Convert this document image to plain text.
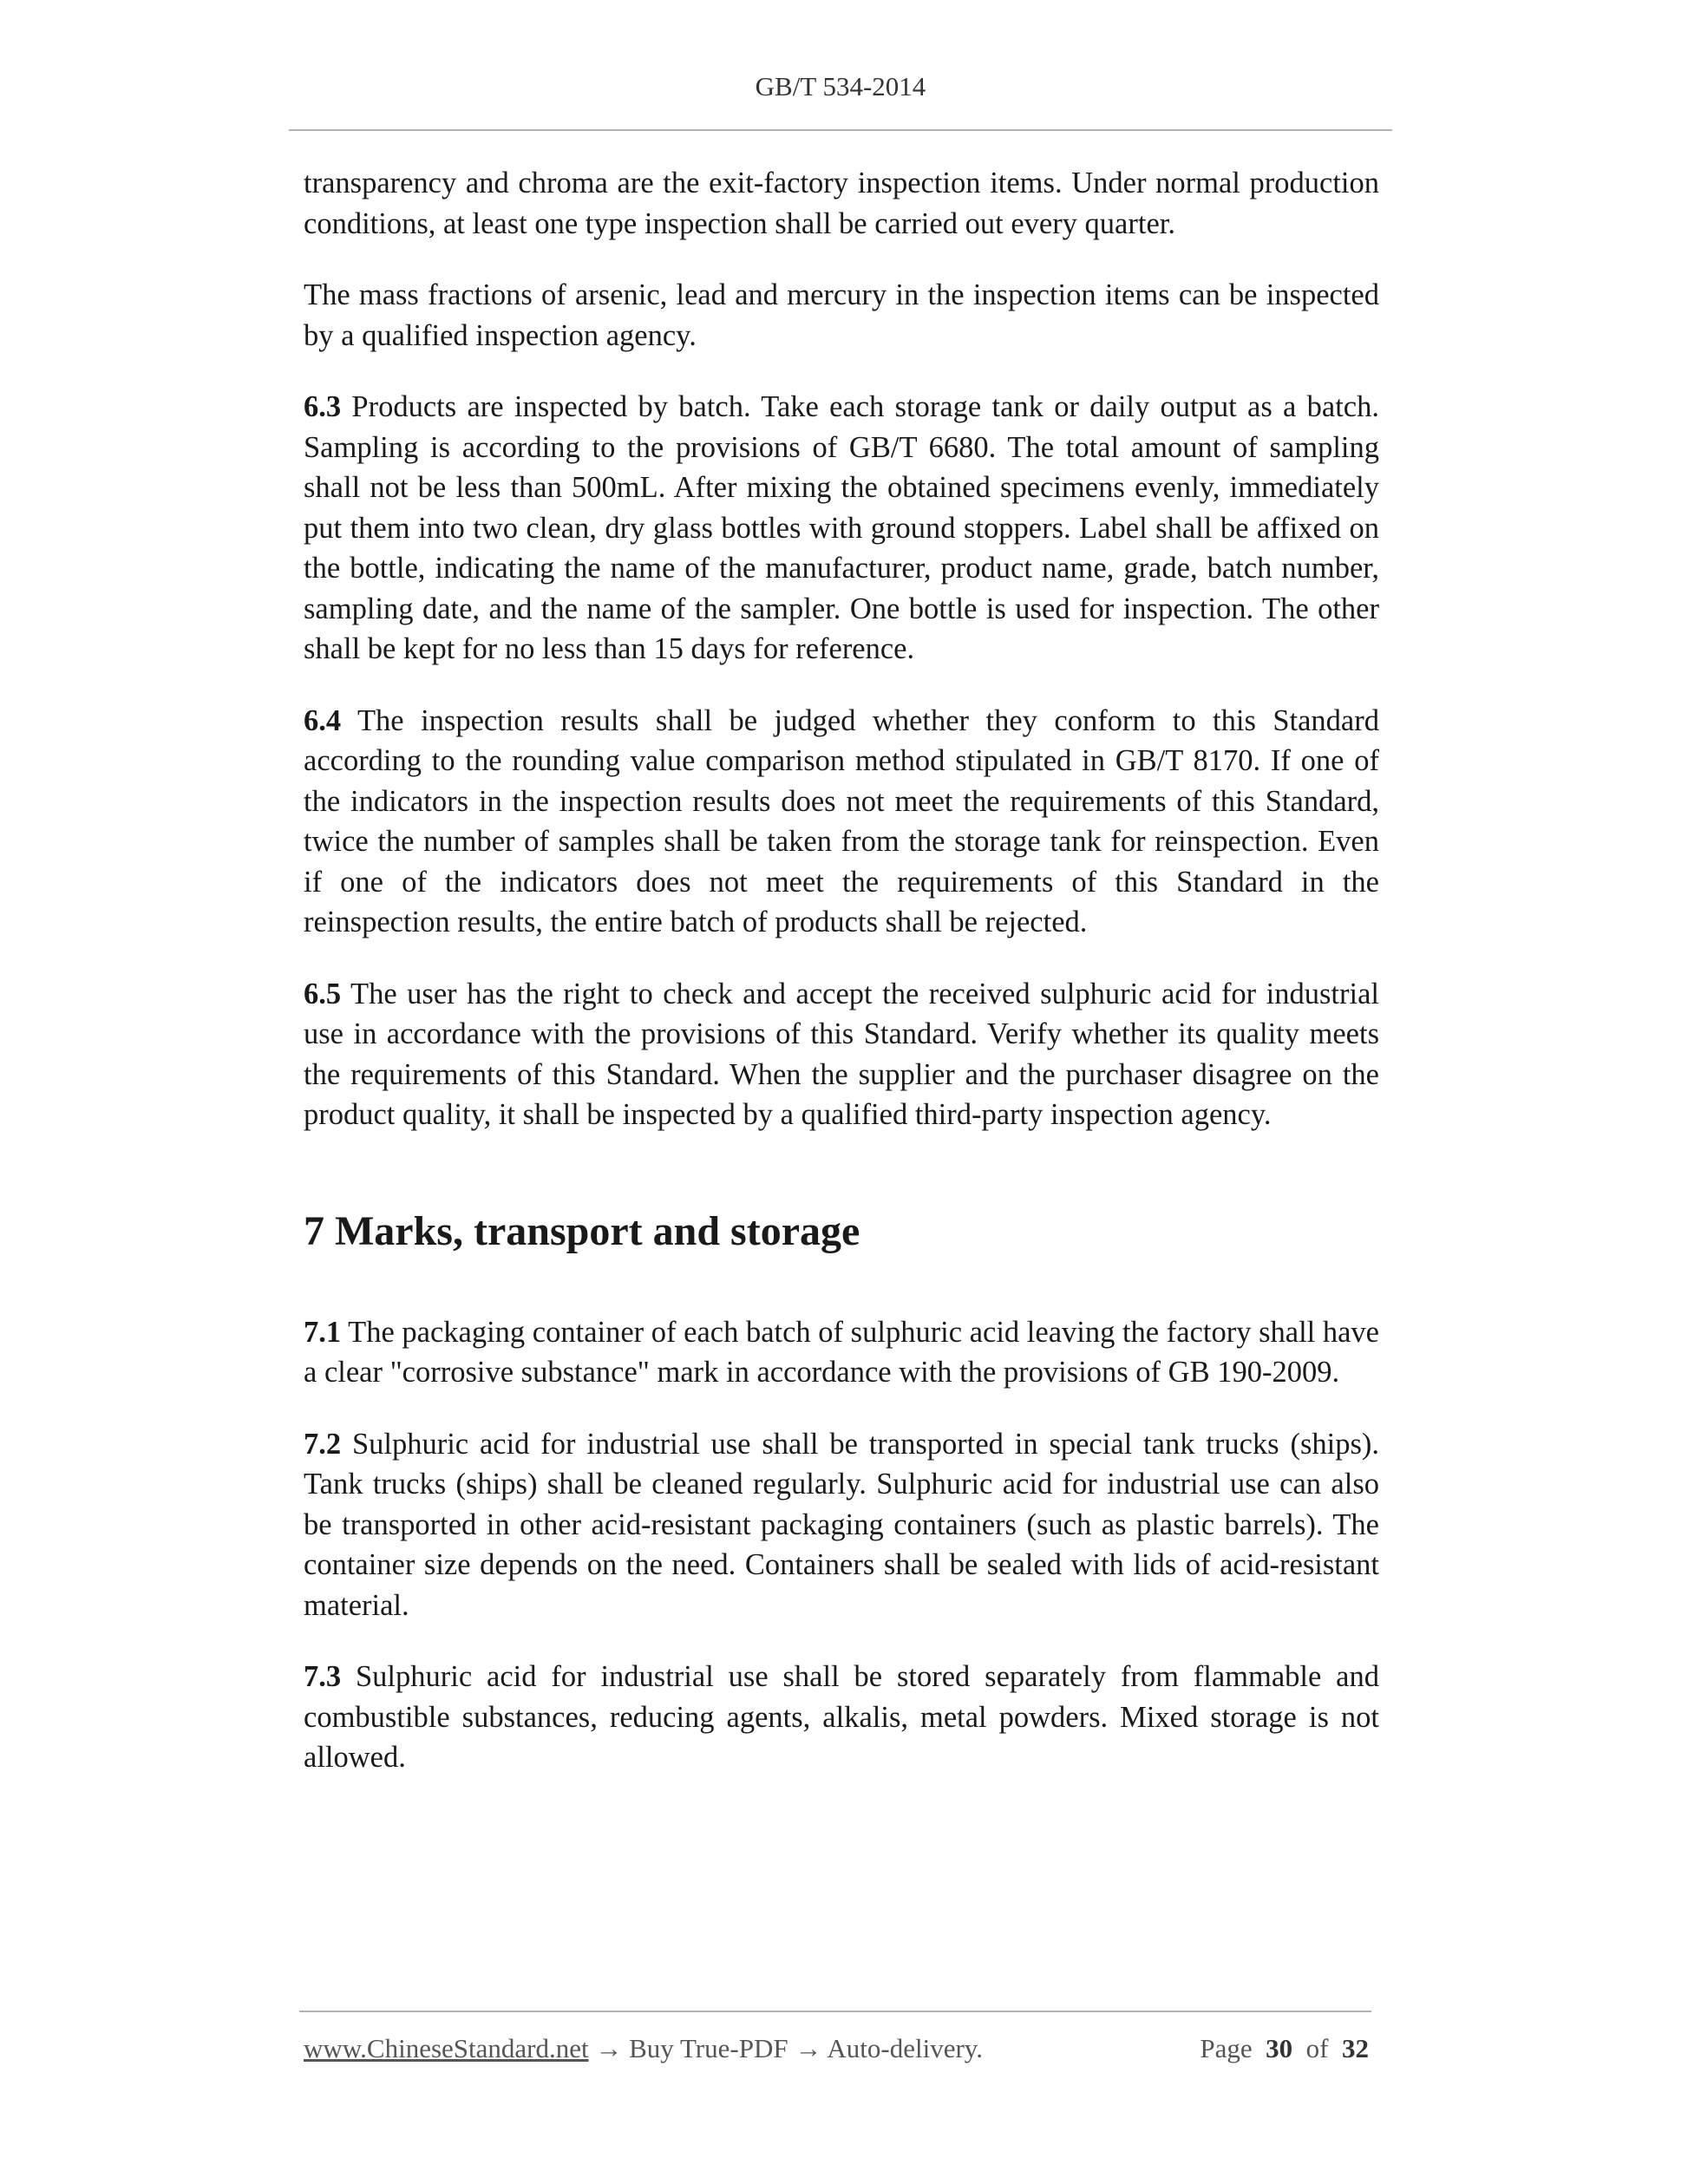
GB/T 534-2014

transparency and chroma are the exit-factory inspection items. Under normal production conditions, at least one type inspection shall be carried out every quarter.

The mass fractions of arsenic, lead and mercury in the inspection items can be inspected by a qualified inspection agency.

6.3 Products are inspected by batch. Take each storage tank or daily output as a batch. Sampling is according to the provisions of GB/T 6680. The total amount of sampling shall not be less than 500mL. After mixing the obtained specimens evenly, immediately put them into two clean, dry glass bottles with ground stoppers. Label shall be affixed on the bottle, indicating the name of the manufacturer, product name, grade, batch number, sampling date, and the name of the sampler. One bottle is used for inspection. The other shall be kept for no less than 15 days for reference.

6.4 The inspection results shall be judged whether they conform to this Standard according to the rounding value comparison method stipulated in GB/T 8170. If one of the indicators in the inspection results does not meet the requirements of this Standard, twice the number of samples shall be taken from the storage tank for reinspection. Even if one of the indicators does not meet the requirements of this Standard in the reinspection results, the entire batch of products shall be rejected.

6.5 The user has the right to check and accept the received sulphuric acid for industrial use in accordance with the provisions of this Standard. Verify whether its quality meets the requirements of this Standard. When the supplier and the purchaser disagree on the product quality, it shall be inspected by a qualified third-party inspection agency.

7 Marks, transport and storage

7.1 The packaging container of each batch of sulphuric acid leaving the factory shall have a clear "corrosive substance" mark in accordance with the provisions of GB 190-2009.

7.2 Sulphuric acid for industrial use shall be transported in special tank trucks (ships). Tank trucks (ships) shall be cleaned regularly. Sulphuric acid for industrial use can also be transported in other acid-resistant packaging containers (such as plastic barrels). The container size depends on the need. Containers shall be sealed with lids of acid-resistant material.

7.3 Sulphuric acid for industrial use shall be stored separately from flammable and combustible substances, reducing agents, alkalis, metal powders. Mixed storage is not allowed.

www.ChineseStandard.net → Buy True-PDF → Auto-delivery.	Page 30 of 32
